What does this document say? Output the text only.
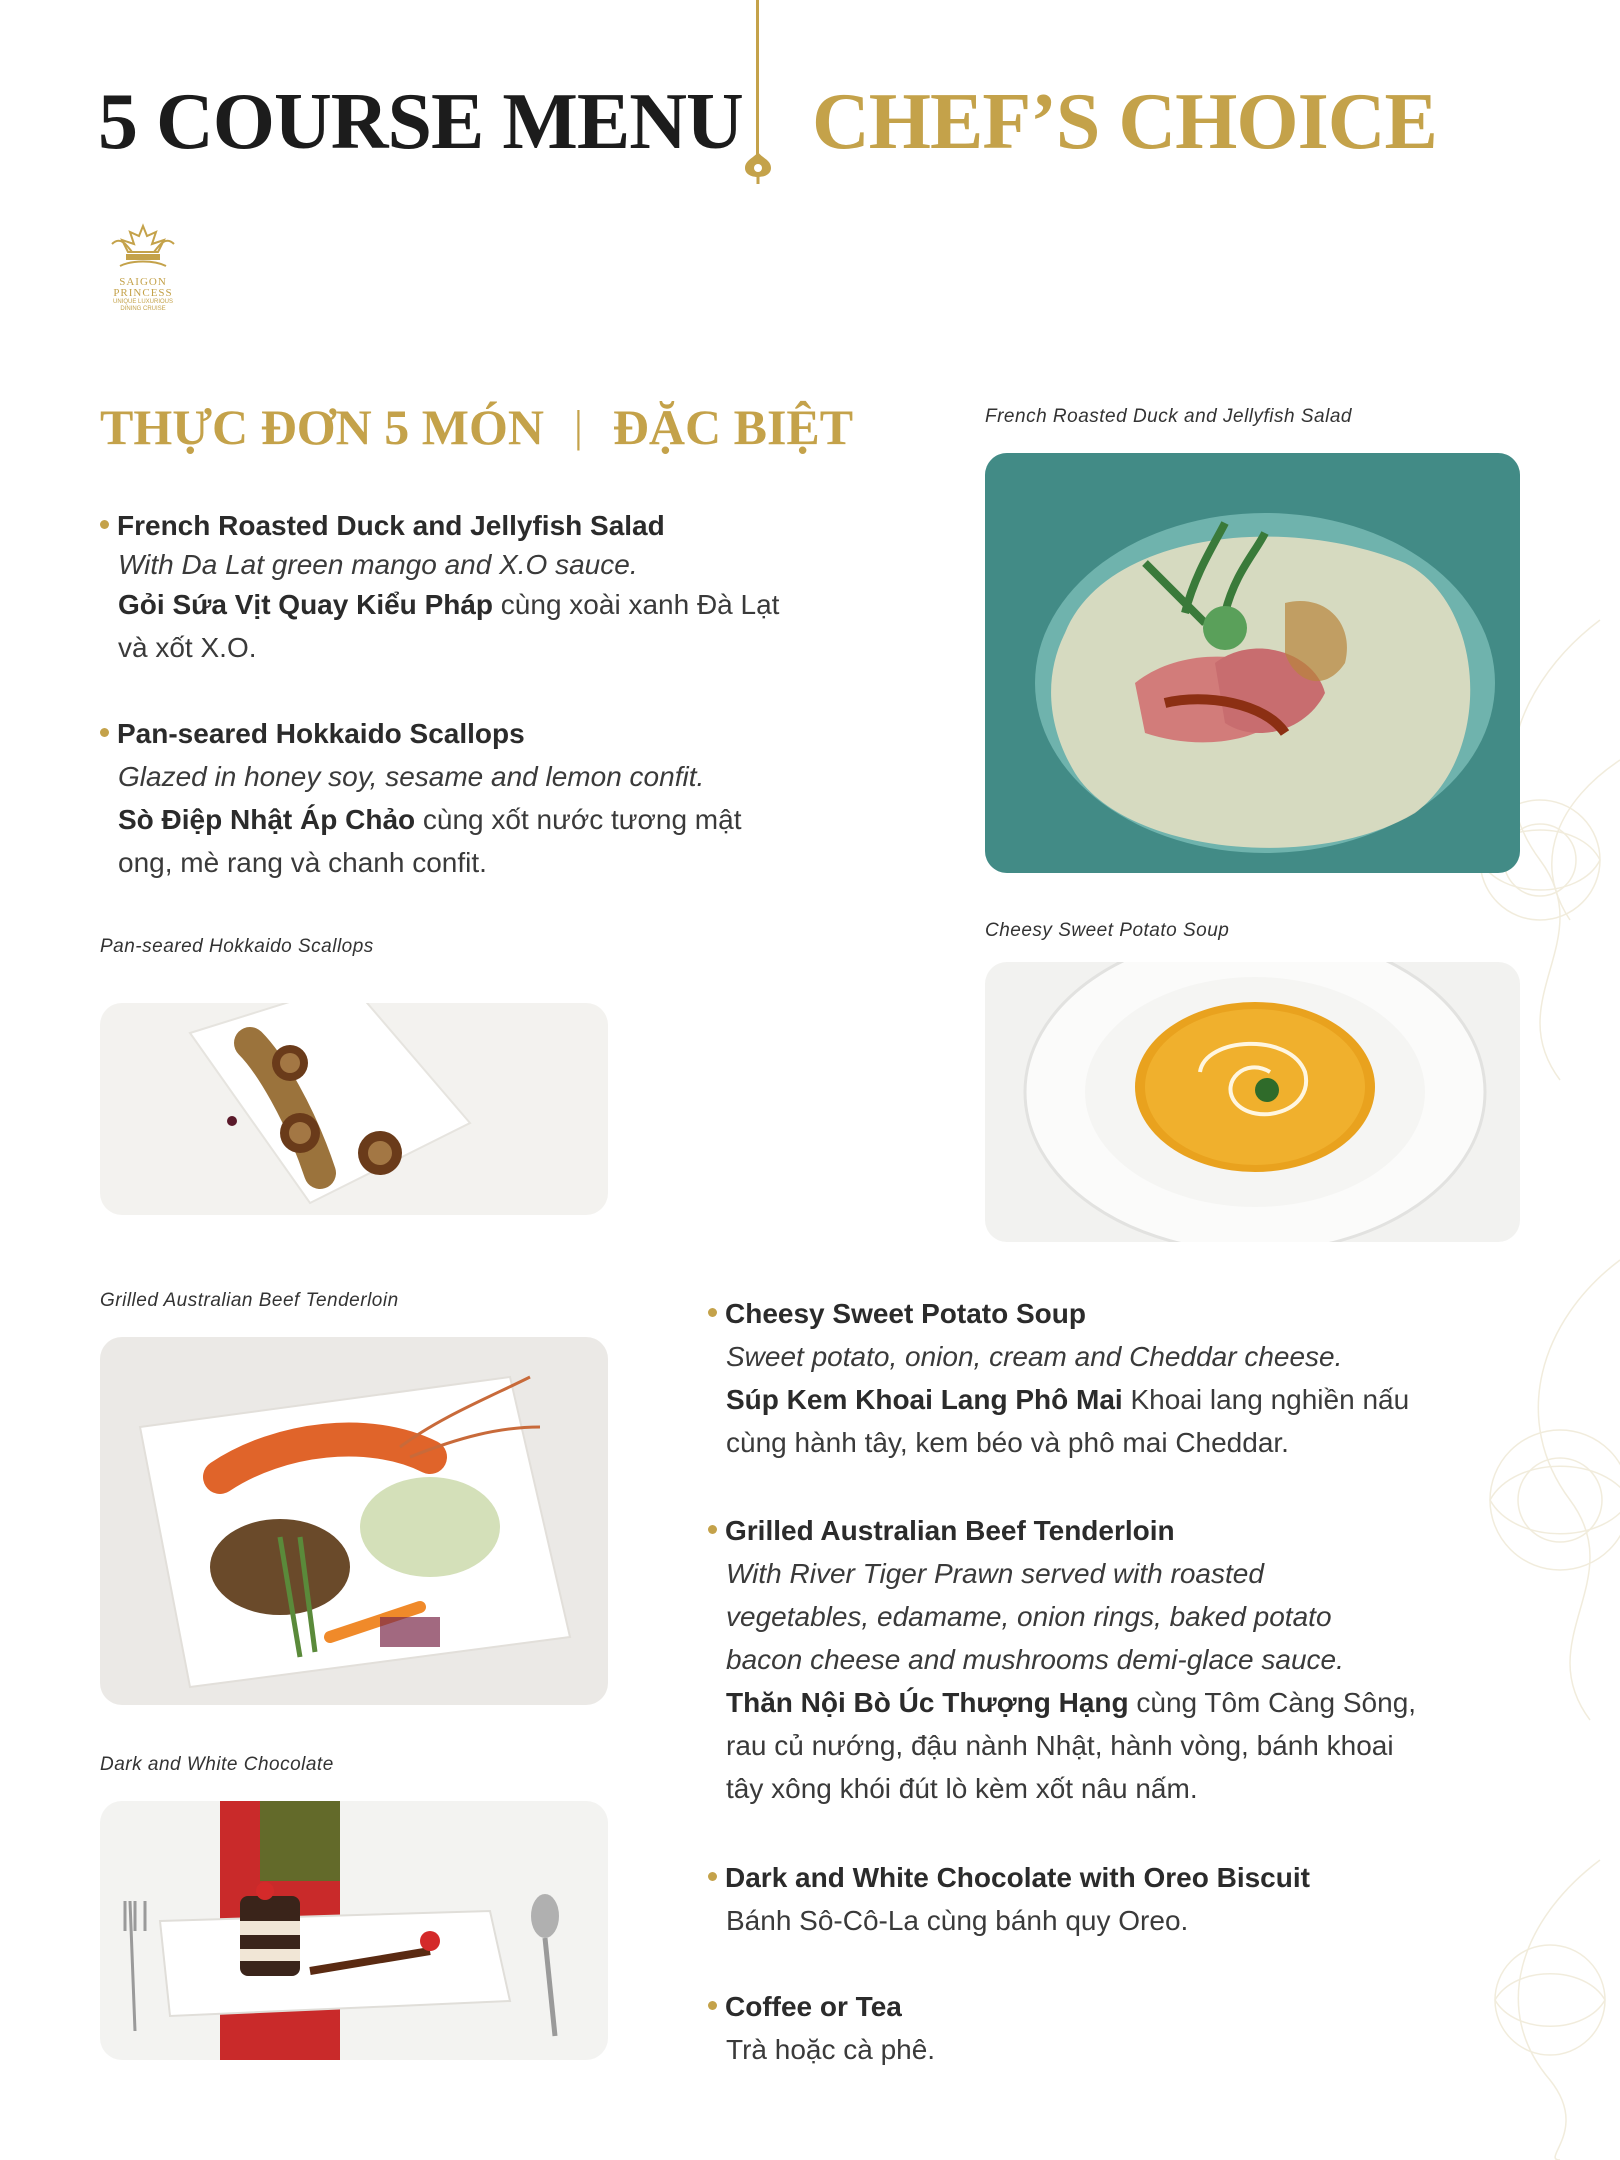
5 COURSE MENU CHEF’S CHOICE
SAIGON
PRINCESS
UNIQUE LUXURIOUS
DINING CRUISE
THỰC ĐƠN 5 MÓN | ĐẶC BIỆT
French Roasted Duck and Jellyfish Salad
With Da Lat green mango and X.O sauce.
Gỏi Sứa Vịt Quay Kiểu Pháp cùng xoài xanh Đà Lạt
và xốt X.O.
Pan-seared Hokkaido Scallops
Glazed in honey soy, sesame and lemon confit.
Sò Điệp Nhật Áp Chảo cùng xốt nước tương mật
ong, mè rang và chanh confit.
Cheesy Sweet Potato Soup
Sweet potato, onion, cream and Cheddar cheese.
Súp Kem Khoai Lang Phô Mai Khoai lang nghiền nấu
cùng hành tây, kem béo và phô mai Cheddar.
Grilled Australian Beef Tenderloin
With River Tiger Prawn served with roasted
vegetables, edamame, onion rings, baked potato
bacon cheese and mushrooms demi-glace sauce.
Thăn Nội Bò Úc Thượng Hạng cùng Tôm Càng Sông,
rau củ nướng, đậu nành Nhật, hành vòng, bánh khoai
tây xông khói đút lò kèm xốt nâu nấm.
Dark and White Chocolate with Oreo Biscuit
Bánh Sô-Cô-La cùng bánh quy Oreo.
Coffee or Tea
Trà hoặc cà phê.
French Roasted Duck and Jellyfish Salad
Cheesy Sweet Potato Soup
Pan-seared Hokkaido Scallops
Grilled Australian Beef Tenderloin
Dark and White Chocolate
